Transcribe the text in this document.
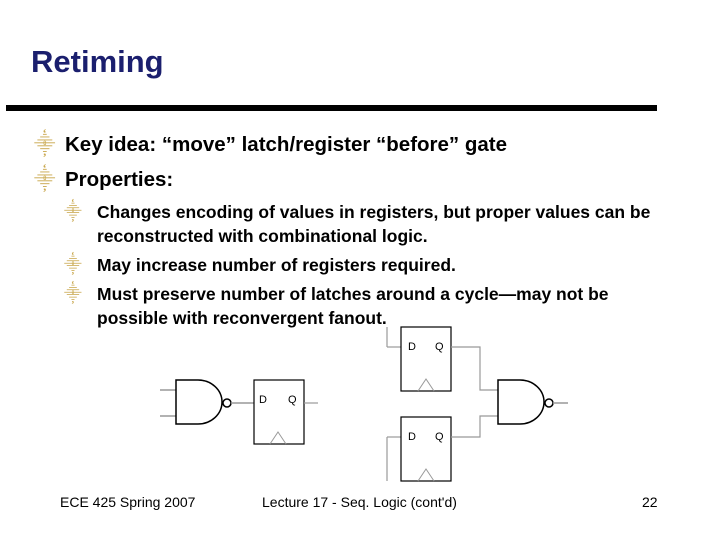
Retiming
⸎ Key idea: “move” latch/register “before” gate
⸎ Properties:
⸎ Changes encoding of values in registers, but proper values can be reconstructed with combinational logic.
⸎ May increase number of registers required.
⸎ Must preserve number of latches around a cycle—may not be possible with reconvergent fanout.
D Q
D Q
D Q
ECE 425 Spring 2007	Lecture 17 - Seq. Logic (cont'd)	22
